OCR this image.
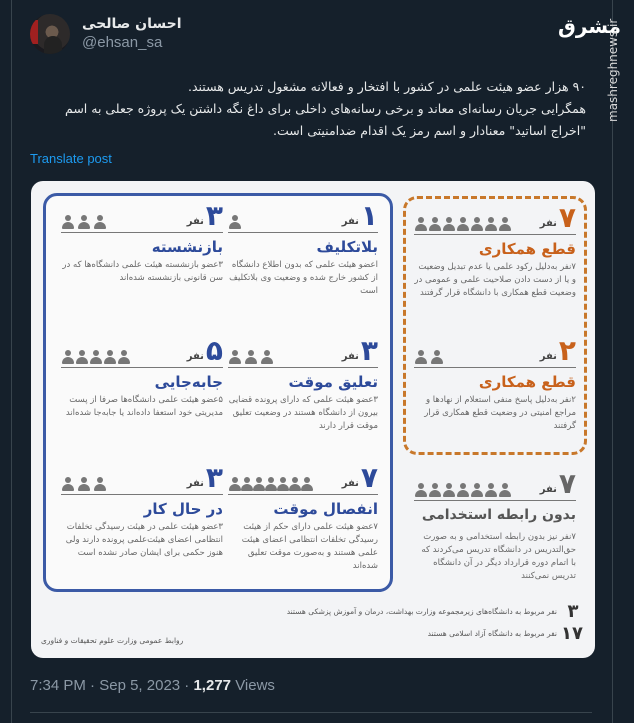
مشرق
mashreghnews.ir
احسان صالحی
@ehsan_sa

۹۰ هزار عضو هیئت علمی در کشور با افتخار و فعالانه مشغول تدریس هستند.

همگرایی جریان رسانه‌ای معاند و برخی رسانه‌های داخلی برای داغ نگه داشتن یک پروژه جعلی به اسم

"اخراج اساتید" معنادار و اسم رمز یک اقدام ضدامنیتی است.

Translate post
۳
نفر
بازنشسته
۳عضو بازنشسته هیئت علمی دانشگاه‌ها که در سن قانونی بازنشسته شده‌اند
۱
نفر
بلاتکلیف
اعضو هیئت علمی که بدون اطلاع دانشگاه از کشور خارج شده و وضعیت وی بلاتکلیف است
۷
نفر
قطع همکاری
۷نفر به‌دلیل رکود علمی یا عدم تبدیل وضعیت و یا از دست دادن صلاحیت علمی و عمومی در وضعیت قطع همکاری با دانشگاه قرار گرفتند
۵
نفر
جابه‌جایی
۵عضو هیئت علمی دانشگاه‌ها صرفا از پست مدیریتی خود استعفا داده‌اند یا جابه‌جا شده‌اند
۳
نفر
تعلیق موقت
۳عضو هیئت علمی که دارای پرونده قضایی بیرون از دانشگاه هستند در وضعیت تعلیق موقت قرار دارند
۲
نفر
قطع همکاری
۲نفر به‌دلیل پاسخ منفی استعلام از نهادها و مراجع امنیتی در وضعیت قطع همکاری قرار گرفتند
۳
نفر
در حال کار
۳عضو هیئت علمی در هیئت رسیدگی تخلفات انتظامی اعضای هیئت‌علمی پرونده دارند ولی هنوز حکمی برای ایشان صادر نشده است
۷
نفر
انفصال موقت
۷عضو هیئت علمی دارای حکم از هیئت رسیدگی تخلفات انتظامی اعضای هیئت علمی هستند و به‌صورت موقت تعلیق شده‌اند
۷
نفر
بدون رابطه استخدامی
۷نفر نیز بدون رابطه استخدامی و به صورت حق‌التدریس در دانشگاه تدریس می‌کردند که با اتمام دوره قرارداد دیگر در آن دانشگاه تدریس نمی‌کنند
۳
نفر مربوط به دانشگاه‌های زیرمجموعه وزارت بهداشت، درمان و آموزش پزشکی هستند
۱۷
نفر مربوط به دانشگاه آزاد اسلامی هستند
روابط عمومی وزارت علوم تحقیقات و فناوری
7:34 PM · Sep 5, 2023 · 1,277 Views
